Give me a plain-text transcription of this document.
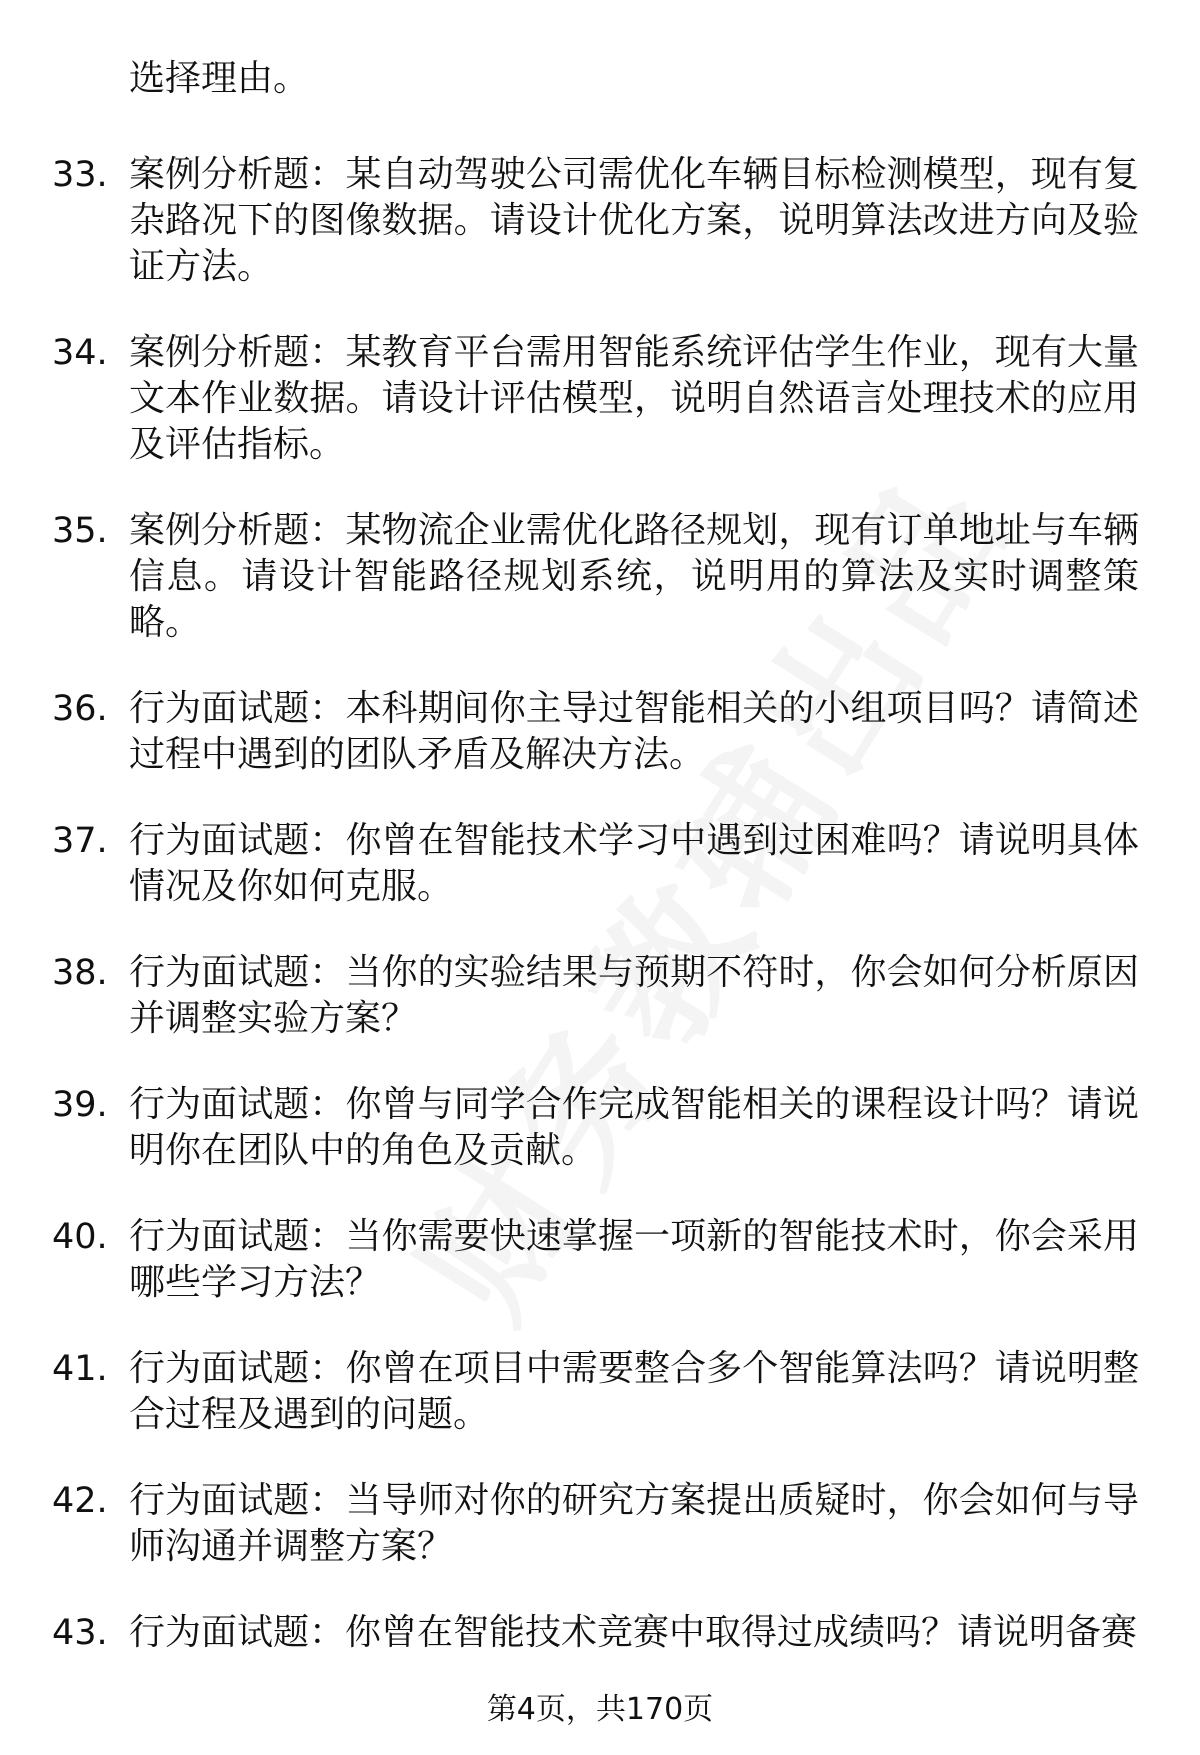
选择理由。
33. 案例分析题：某自动驾驶公司需优化车辆目标检测模型，现有复杂路况下的图像数据。请设计优化方案，说明算法改进方向及验证方法。
34. 案例分析题：某教育平台需用智能系统评估学生作业，现有大量文本作业数据。请设计评估模型，说明自然语言处理技术的应用及评估指标。
35. 案例分析题：某物流企业需优化路径规划，现有订单地址与车辆信息。请设计智能路径规划系统，说明用的算法及实时调整策略。
36. 行为面试题：本科期间你主导过智能相关的小组项目吗？请简述过程中遇到的团队矛盾及解决方法。
37. 行为面试题：你曾在智能技术学习中遇到过困难吗？请说明具体情况及你如何克服。
38. 行为面试题：当你的实验结果与预期不符时，你会如何分析原因并调整实验方案？
39. 行为面试题：你曾与同学合作完成智能相关的课程设计吗？请说明你在团队中的角色及贡献。
40. 行为面试题：当你需要快速掌握一项新的智能技术时，你会采用哪些学习方法？
41. 行为面试题：你曾在项目中需要整合多个智能算法吗？请说明整合过程及遇到的问题。
42. 行为面试题：当导师对你的研究方案提出质疑时，你会如何与导师沟通并调整方案？
43. 行为面试题：你曾在智能技术竞赛中取得过成绩吗？请说明备赛
第4页，共170页
